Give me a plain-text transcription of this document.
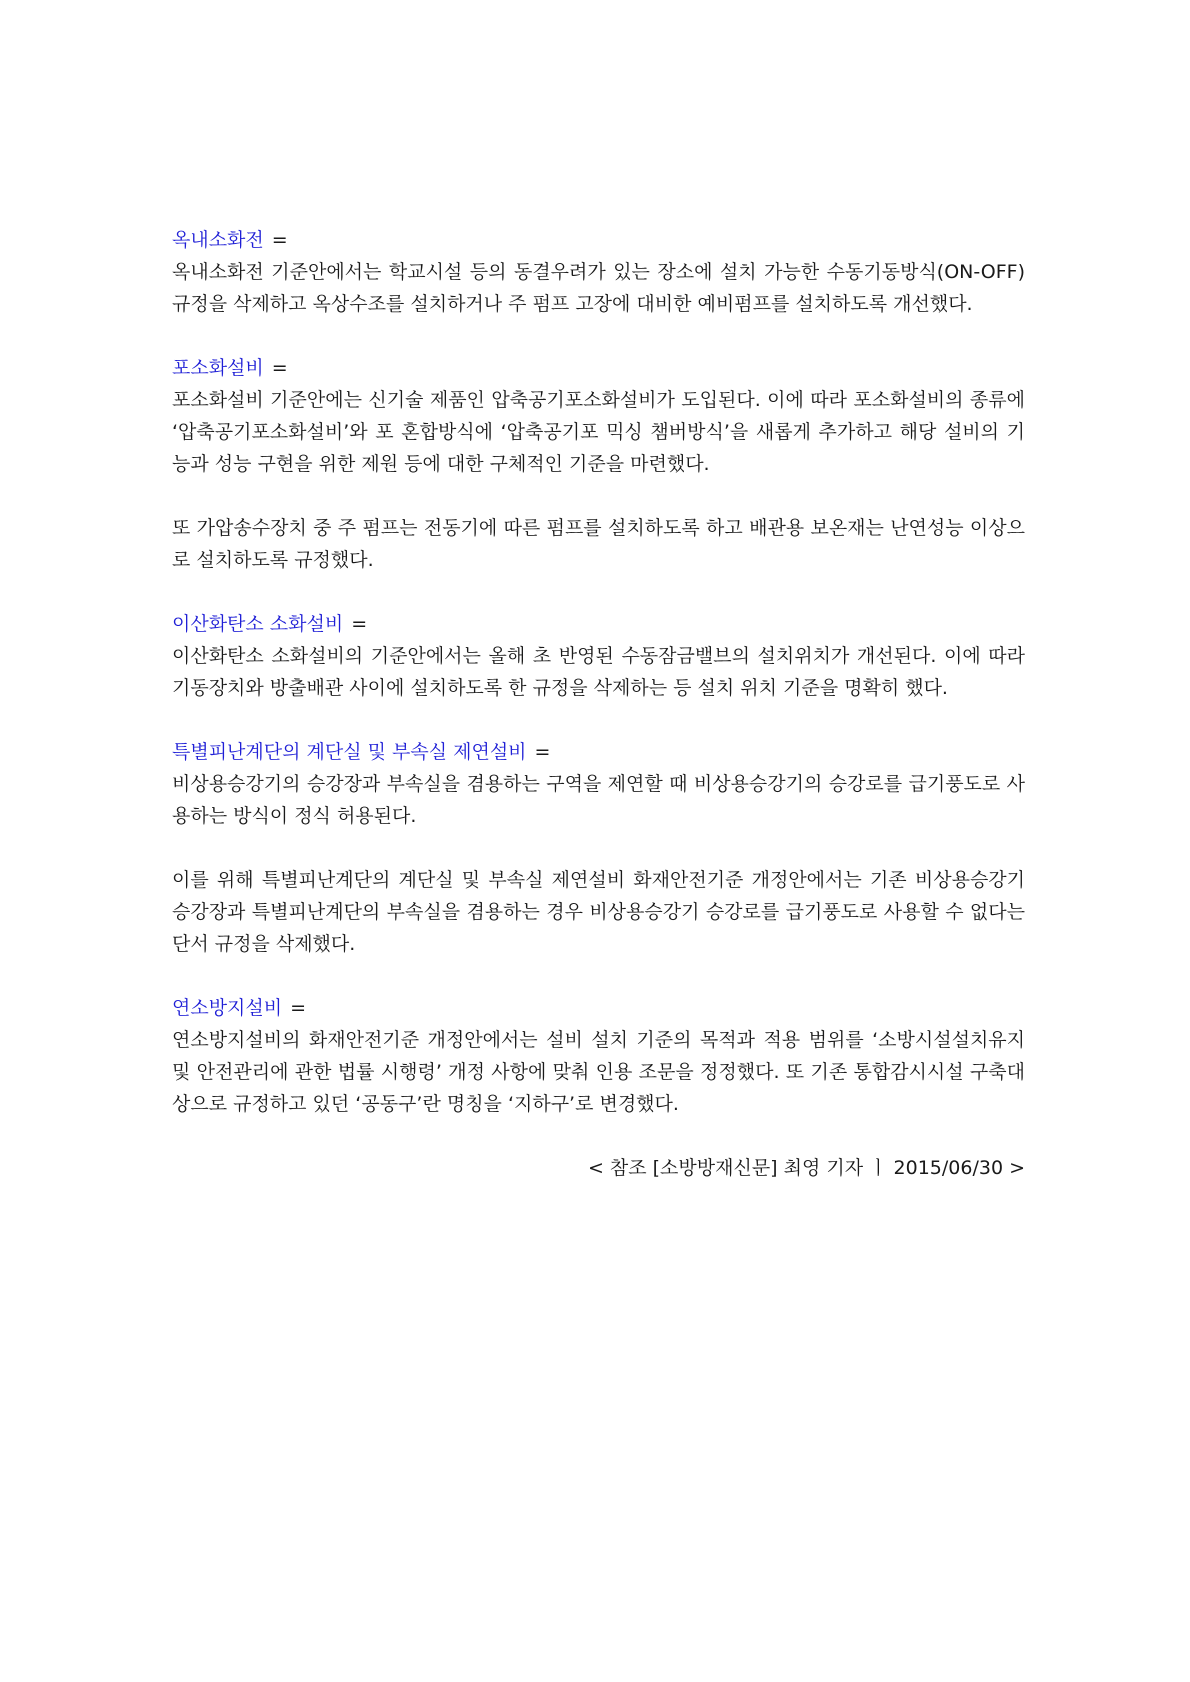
옥내소화전 =

옥내소화전 기준안에서는 학교시설 등의 동결우려가 있는 장소에 설치 가능한 수동기동방식(ON-OFF) 규정을 삭제하고 옥상수조를 설치하거나 주 펌프 고장에 대비한 예비펌프를 설치하도록 개선했다.

포소화설비 =

포소화설비 기준안에는 신기술 제품인 압축공기포소화설비가 도입된다. 이에 따라 포소화설비의 종류에 ‘압축공기포소화설비’와 포 혼합방식에 ‘압축공기포 믹싱 챔버방식’을 새롭게 추가하고 해당 설비의 기능과 성능 구현을 위한 제원 등에 대한 구체적인 기준을 마련했다.

또 가압송수장치 중 주 펌프는 전동기에 따른 펌프를 설치하도록 하고 배관용 보온재는 난연성능 이상으로 설치하도록 규정했다.

이산화탄소 소화설비 =

이산화탄소 소화설비의 기준안에서는 올해 초 반영된 수동잠금밸브의 설치위치가 개선된다. 이에 따라 기동장치와 방출배관 사이에 설치하도록 한 규정을 삭제하는 등 설치 위치 기준을 명확히 했다.

특별피난계단의 계단실 및 부속실 제연설비 =

비상용승강기의 승강장과 부속실을 겸용하는 구역을 제연할 때 비상용승강기의 승강로를 급기풍도로 사용하는 방식이 정식 허용된다.

이를 위해 특별피난계단의 계단실 및 부속실 제연설비 화재안전기준 개정안에서는 기존 비상용승강기 승강장과 특별피난계단의 부속실을 겸용하는 경우 비상용승강기 승강로를 급기풍도로 사용할 수 없다는 단서 규정을 삭제했다.

연소방지설비 =

연소방지설비의 화재안전기준 개정안에서는 설비 설치 기준의 목적과 적용 범위를 ‘소방시설설치유지 및 안전관리에 관한 법률 시행령’ 개정 사항에 맞춰 인용 조문을 정정했다. 또 기존 통합감시시설 구축대상으로 규정하고 있던 ‘공동구’란 명칭을 ‘지하구’로 변경했다.

< 참조 [소방방재신문] 최영 기자 ㅣ 2015/06/30 >
